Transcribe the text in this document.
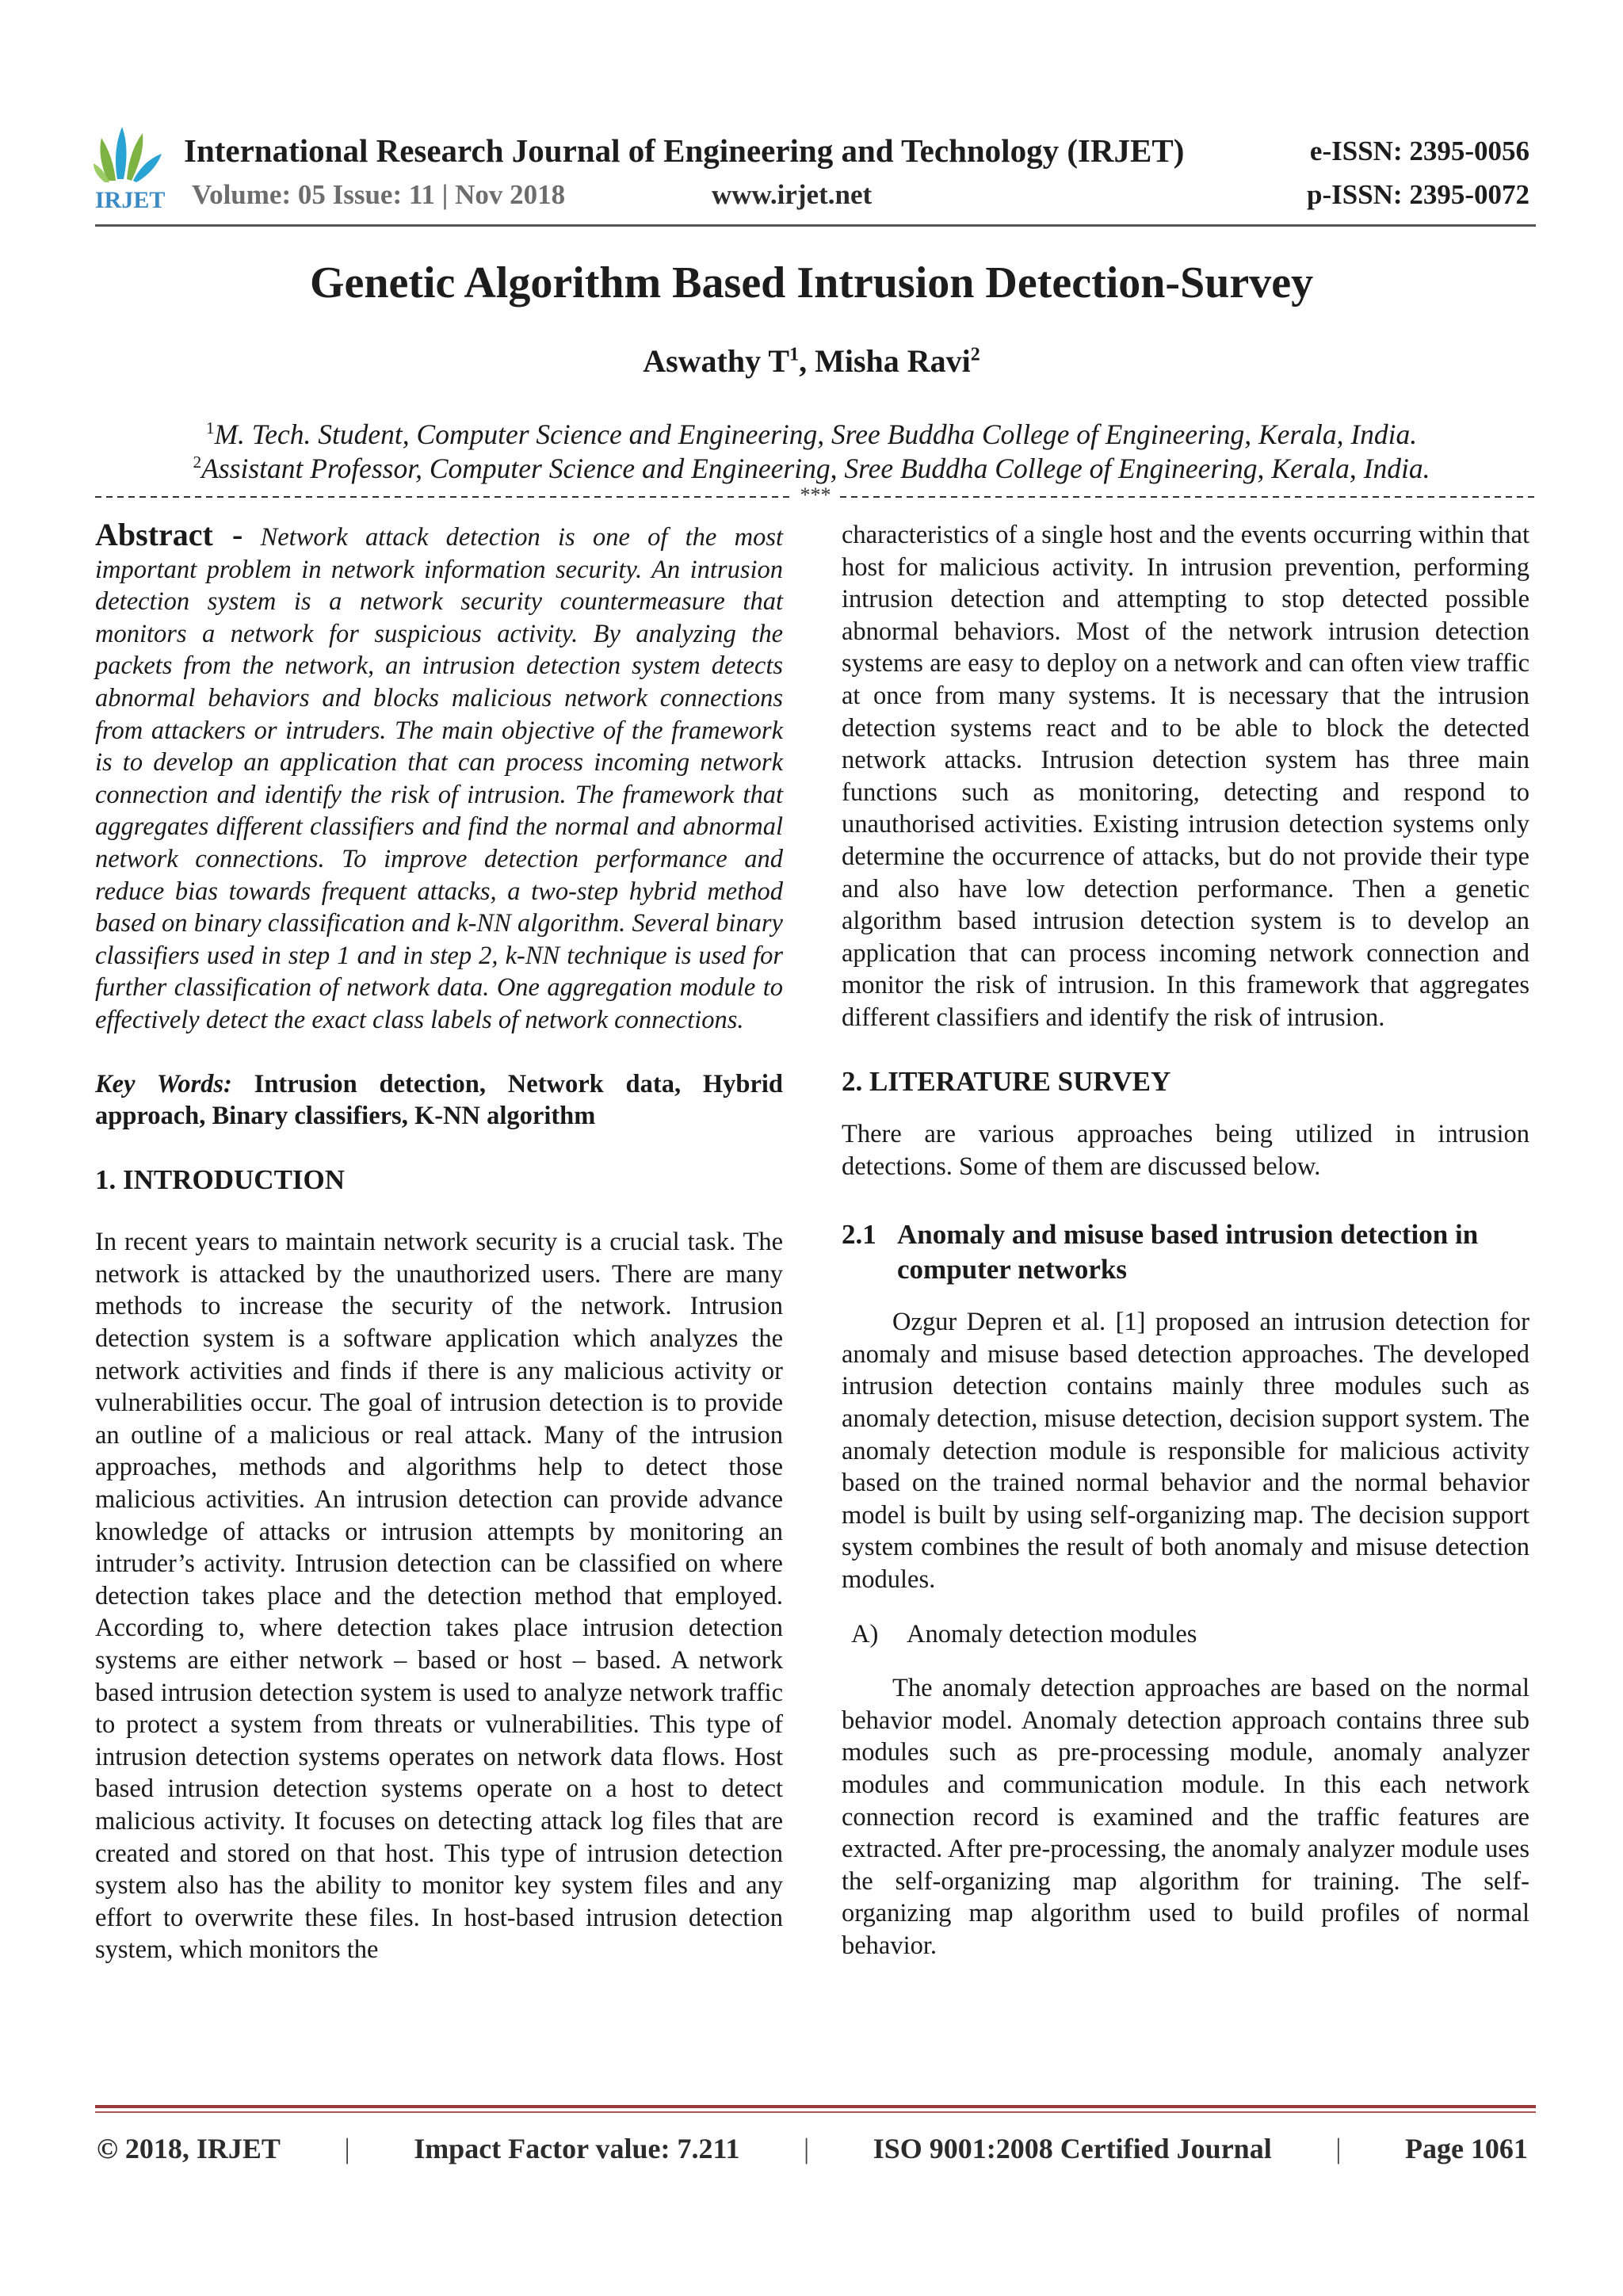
IRJET
International Research Journal of Engineering and Technology (IRJET)
Volume: 05 Issue: 11 | Nov 2018	www.irjet.net
e-ISSN: 2395-0056
p-ISSN: 2395-0072
Genetic Algorithm Based Intrusion Detection-Survey
Aswathy $T^1$, Misha Ravi$^2$
$^1$M. Tech. Student, Computer Science and Engineering, Sree Buddha College of Engineering, Kerala, India.
$^2$Assistant Professor, Computer Science and Engineering, Sree Buddha College of Engineering, Kerala, India.
***

Abstract - Network attack detection is one of the most important problem in network information security. An intrusion detection system is a network security countermeasure that monitors a network for suspicious activity. By analyzing the packets from the network, an intrusion detection system detects abnormal behaviors and blocks malicious network connections from attackers or intruders. The main objective of the framework is to develop an application that can process incoming network connection and identify the risk of intrusion. The framework that aggregates different classifiers and find the normal and abnormal network connections. To improve detection performance and reduce bias towards frequent attacks, a two-step hybrid method based on binary classification and k-NN algorithm. Several binary classifiers used in step 1 and in step 2, k-NN technique is used for further classification of network data. One aggregation module to effectively detect the exact class labels of network connections.

Key Words: Intrusion detection, Network data, Hybrid approach, Binary classifiers, K-NN algorithm

1. INTRODUCTION

In recent years to maintain network security is a crucial task. The network is attacked by the unauthorized users. There are many methods to increase the security of the network. Intrusion detection system is a software application which analyzes the network activities and finds if there is any malicious activity or vulnerabilities occur. The goal of intrusion detection is to provide an outline of a malicious or real attack. Many of the intrusion approaches, methods and algorithms help to detect those malicious activities. An intrusion detection can provide advance knowledge of attacks or intrusion attempts by monitoring an intruder’s activity. Intrusion detection can be classified on where detection takes place and the detection method that employed. According to, where detection takes place intrusion detection systems are either network – based or host – based. A network based intrusion detection system is used to analyze network traffic to protect a system from threats or vulnerabilities. This type of intrusion detection systems operates on network data flows. Host based intrusion detection systems operate on a host to detect malicious activity. It focuses on detecting attack log files that are created and stored on that host. This type of intrusion detection system also has the ability to monitor key system files and any effort to overwrite these files. In host-based intrusion detection system, which monitors the

characteristics of a single host and the events occurring within that host for malicious activity. In intrusion prevention, performing intrusion detection and attempting to stop detected possible abnormal behaviors. Most of the network intrusion detection systems are easy to deploy on a network and can often view traffic at once from many systems. It is necessary that the intrusion detection systems react and to be able to block the detected network attacks. Intrusion detection system has three main functions such as monitoring, detecting and respond to unauthorised activities. Existing intrusion detection systems only determine the occurrence of attacks, but do not provide their type and also have low detection performance. Then a genetic algorithm based intrusion detection system is to develop an application that can process incoming network connection and monitor the risk of intrusion. In this framework that aggregates different classifiers and identify the risk of intrusion.

2. LITERATURE SURVEY

There are various approaches being utilized in intrusion detections. Some of them are discussed below.

2.1 Anomaly and misuse based intrusion detection in computer networks

Ozgur Depren et al. [1] proposed an intrusion detection for anomaly and misuse based detection approaches. The developed intrusion detection contains mainly three modules such as anomaly detection, misuse detection, decision support system. The anomaly detection module is responsible for malicious activity based on the trained normal behavior and the normal behavior model is built by using self-organizing map. The decision support system combines the result of both anomaly and misuse detection modules.

A)	Anomaly detection modules

The anomaly detection approaches are based on the normal behavior model. Anomaly detection approach contains three sub modules such as pre-processing module, anomaly analyzer modules and communication module. In this each network connection record is examined and the traffic features are extracted. After pre-processing, the anomaly analyzer module uses the self-organizing map algorithm for training. The self-organizing map algorithm used to build profiles of normal behavior.

© 2018, IRJET | Impact Factor value: 7.211 | ISO 9001:2008 Certified Journal | Page 1061
